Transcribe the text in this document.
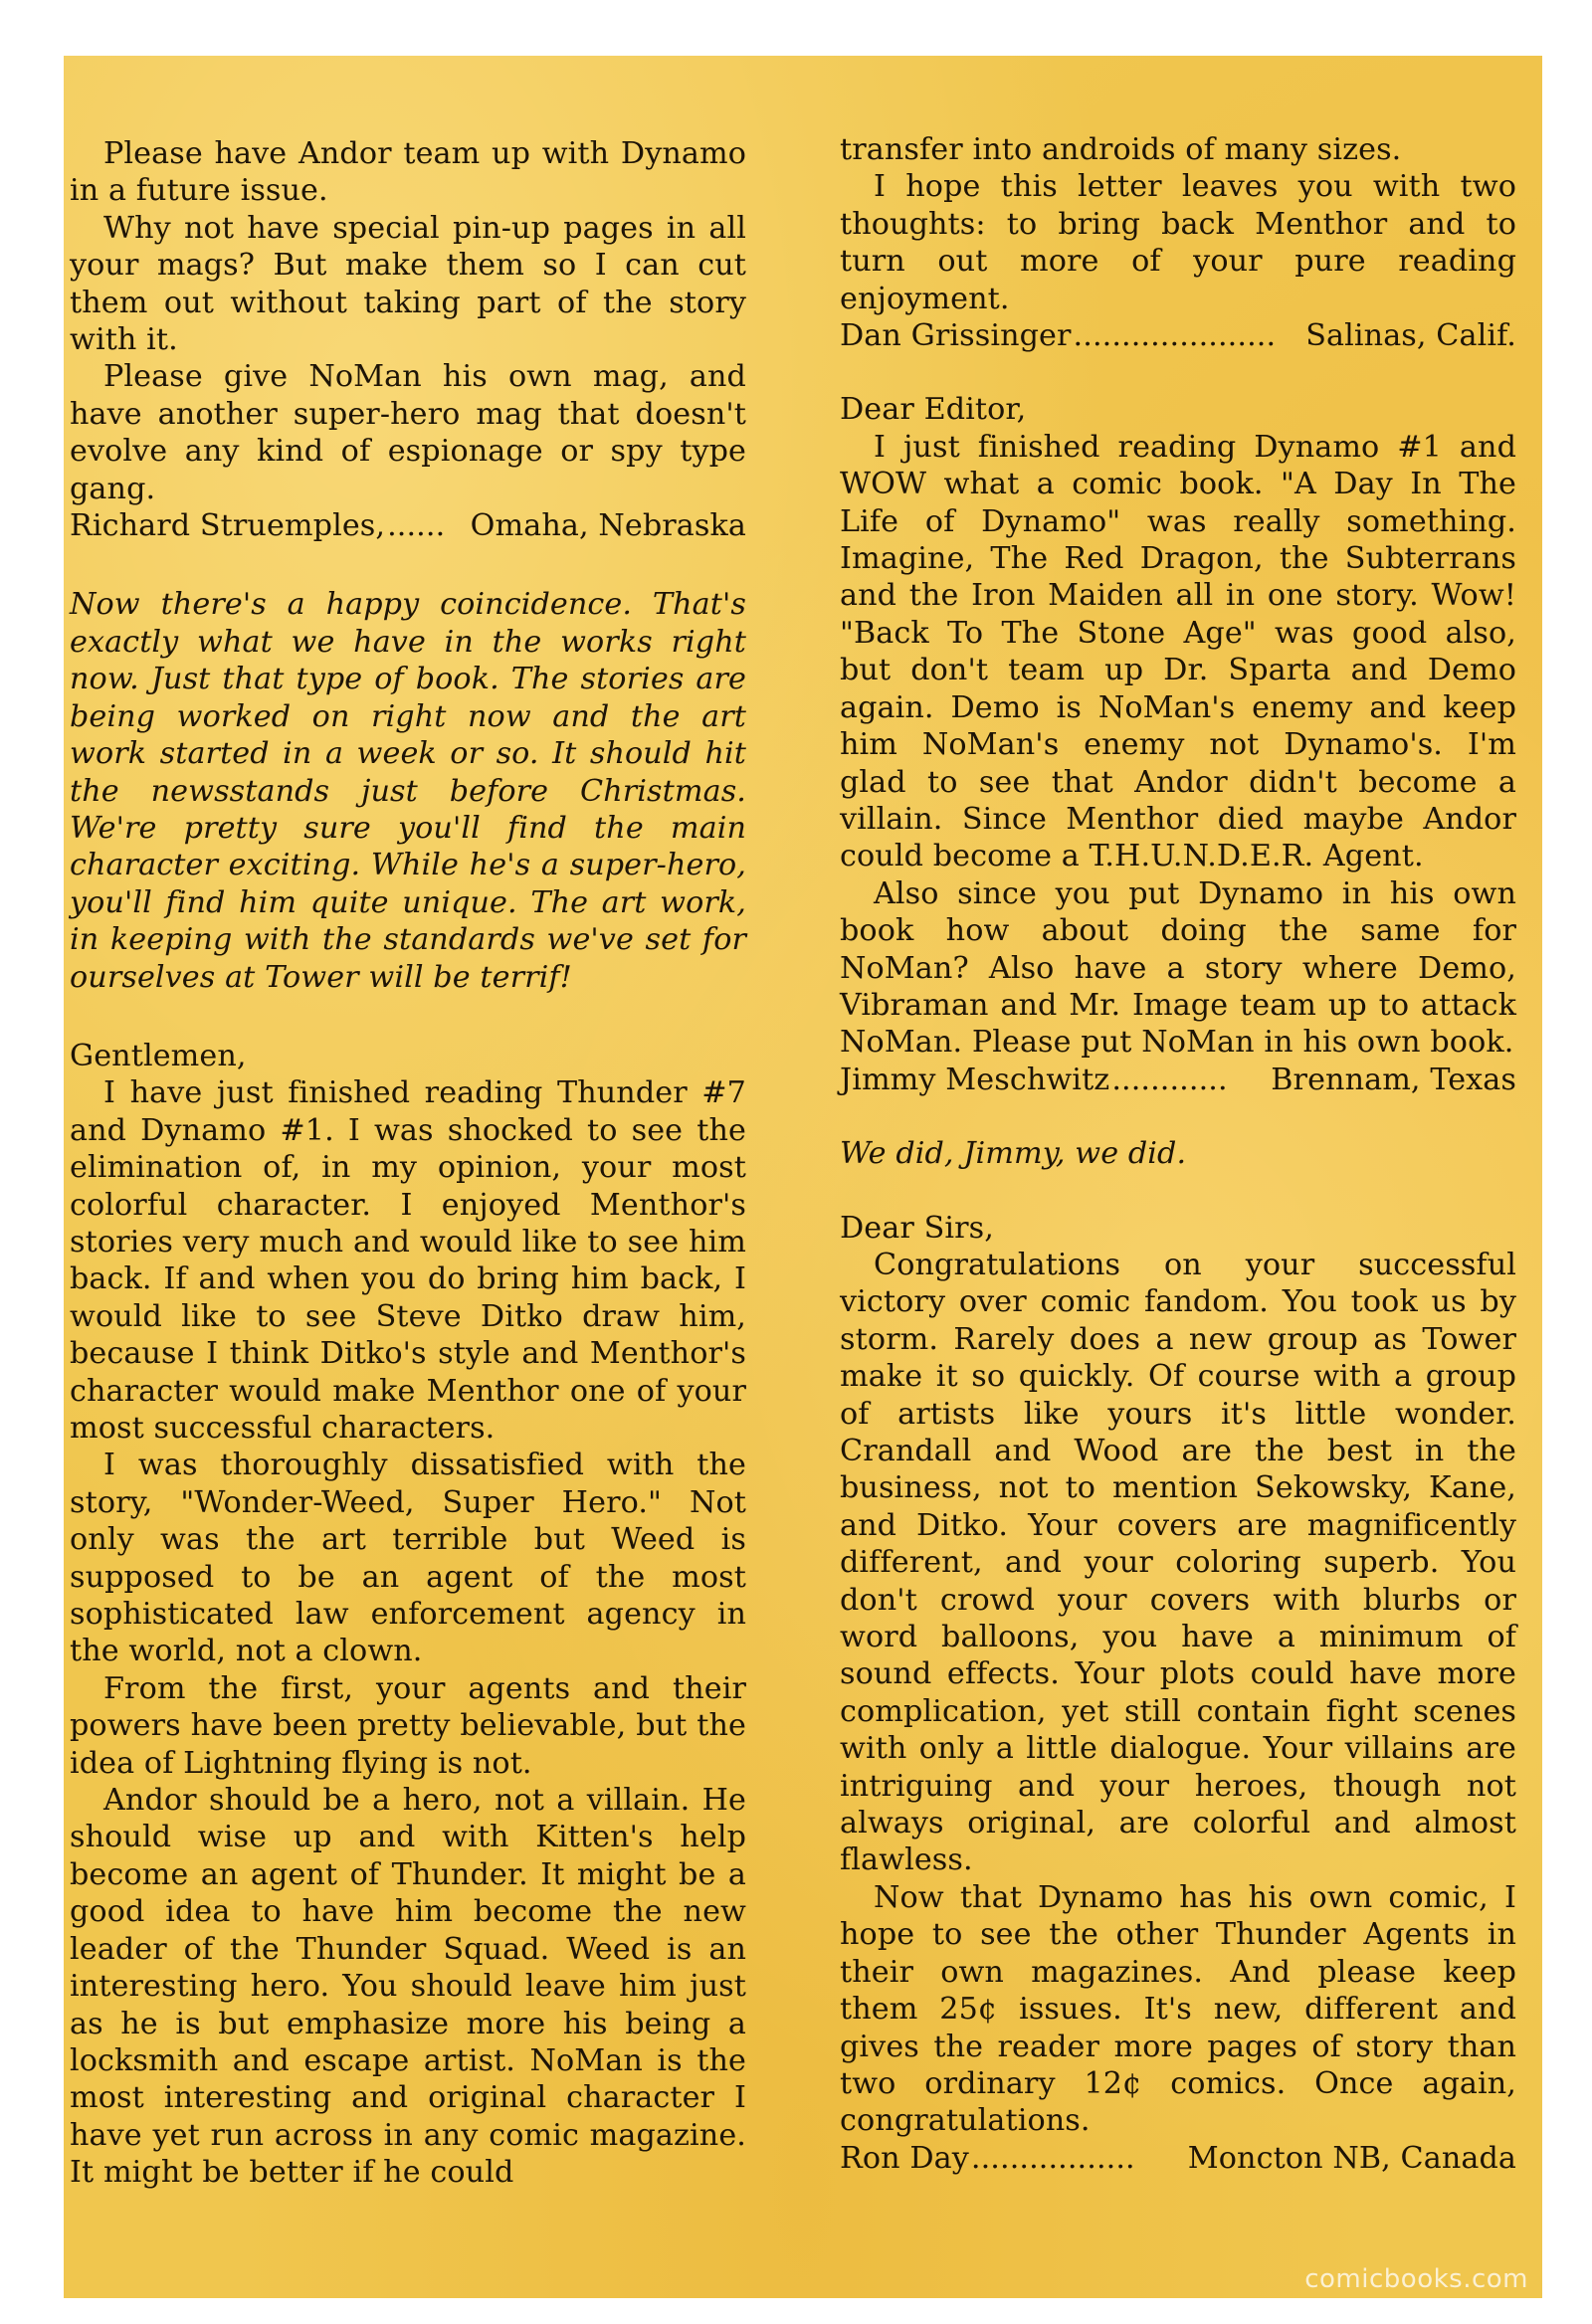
Please have Andor team up with Dynamo in a future issue.

Why not have special pin-up pages in all your mags? But make them so I can cut them out without taking part of the story with it.

Please give NoMan his own mag, and have another super-hero mag that doesn't evolve any kind of espionage or spy type gang.

Richard Struemples, ...... Omaha, Nebraska

Now there's a happy coincidence. That's exactly what we have in the works right now. Just that type of book. The stories are being worked on right now and the art work started in a week or so. It should hit the newsstands just before Christmas. We're pretty sure you'll find the main character exciting. While he's a super-hero, you'll find him quite unique. The art work, in keeping with the standards we've set for ourselves at Tower will be terrif!

Gentlemen,

I have just finished reading Thunder #7 and Dynamo #1. I was shocked to see the elimination of, in my opinion, your most colorful character. I enjoyed Menthor's stories very much and would like to see him back. If and when you do bring him back, I would like to see Steve Ditko draw him, because I think Ditko's style and Menthor's character would make Menthor one of your most successful characters.

I was thoroughly dissatisfied with the story, "Wonder-Weed, Super Hero." Not only was the art terrible but Weed is supposed to be an agent of the most sophisticated law enforcement agency in the world, not a clown.

From the first, your agents and their powers have been pretty believable, but the idea of Lightning flying is not.

Andor should be a hero, not a villain. He should wise up and with Kitten's help become an agent of Thunder. It might be a good idea to have him become the new leader of the Thunder Squad. Weed is an interesting hero. You should leave him just as he is but emphasize more his being a locksmith and escape artist. NoMan is the most interesting and original character I have yet run across in any comic magazine. It might be better if he could

transfer into androids of many sizes.

I hope this letter leaves you with two thoughts: to bring back Menthor and to turn out more of your pure reading enjoyment.

Dan Grissinger ..................... Salinas, Calif.

Dear Editor,

I just finished reading Dynamo #1 and WOW what a comic book. "A Day In The Life of Dynamo" was really something. Imagine, The Red Dragon, the Subterrans and the Iron Maiden all in one story. Wow! "Back To The Stone Age" was good also, but don't team up Dr. Sparta and Demo again. Demo is NoMan's enemy and keep him NoMan's enemy not Dynamo's. I'm glad to see that Andor didn't become a villain. Since Menthor died maybe Andor could become a T.H.U.N.D.E.R. Agent.

Also since you put Dynamo in his own book how about doing the same for NoMan? Also have a story where Demo, Vibraman and Mr. Image team up to attack NoMan. Please put NoMan in his own book.

Jimmy Meschwitz ............	Brennam, Texas

We did, Jimmy, we did.

Dear Sirs,

Congratulations on your successful victory over comic fandom. You took us by storm. Rarely does a new group as Tower make it so quickly. Of course with a group of artists like yours it's little wonder. Crandall and Wood are the best in the business, not to mention Sekowsky, Kane, and Ditko. Your covers are magnificently different, and your coloring superb. You don't crowd your covers with blurbs or word balloons, you have a minimum of sound effects. Your plots could have more complication, yet still contain fight scenes with only a little dialogue. Your villains are intriguing and your heroes, though not always original, are colorful and almost flawless.

Now that Dynamo has his own comic, I hope to see the other Thunder Agents in their own magazines. And please keep them 25¢ issues. It's new, different and gives the reader more pages of story than two ordinary 12¢ comics. Once again, congratulations.

Ron Day .................	Moncton NB, Canada

comicbooks.com
